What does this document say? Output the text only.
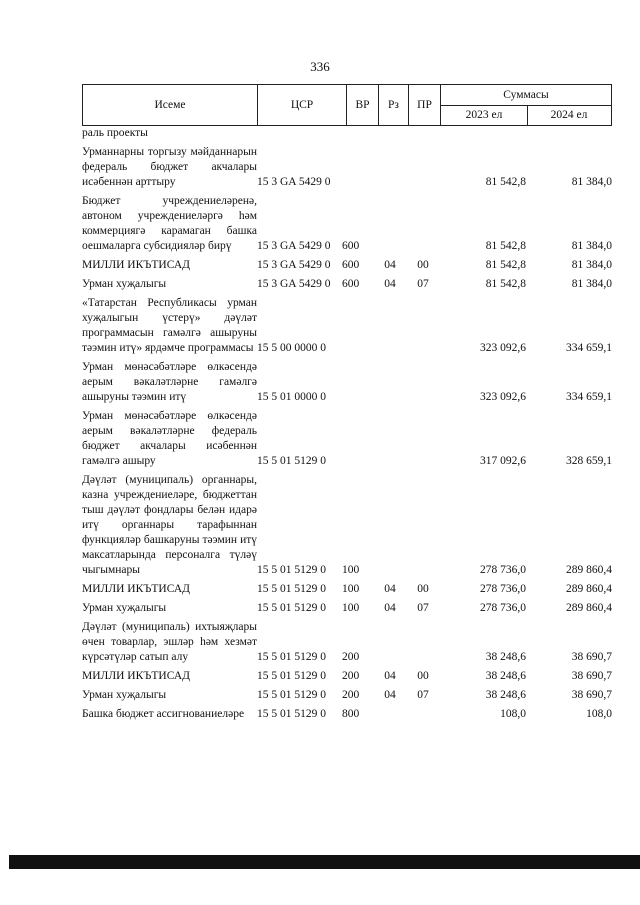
336
Исеме	ЦСР	ВР	Рз	ПР
Суммасы
2023 ел	2024 ел
раль проекты						

Урманнарны торгызу мәйданнарын федераль бюджет акчалары исәбеннән арттыру	15 3 GA 5429 0				81 542,8	81 384,0

Бюджет учреждениеләренә, автоном учреждениеләргә һәм коммерциягә карамаган башка оешмаларга субсидияләр бирү	15 3 GA 5429 0	600			81 542,8	81 384,0

МИЛЛИ ИКЪТИСАД	15 3 GA 5429 0	600	04	00	81 542,8	81 384,0

Урман хуҗалыгы	15 3 GA 5429 0	600	04	07	81 542,8	81 384,0

«Татарстан Республикасы урман хуҗалыгын үстерү» дәүләт программасын гамәлгә ашыруны тәэмин итү» ярдәмче программасы	15 5 00 0000 0				323 092,6	334 659,1

Урман мөнәсәбәтләре өлкәсендә аерым вәкаләтләрне гамәлгә ашыруны тәэмин итү	15 5 01 0000 0				323 092,6	334 659,1

Урман мөнәсәбәтләре өлкәсендә аерым вәкаләтләрне федераль бюджет акчалары исәбеннән гамәлгә ашыру	15 5 01 5129 0				317 092,6	328 659,1

Дәүләт (муниципаль) органнары, казна учреждениеләре, бюджеттан тыш дәүләт фондлары белән идарә итү органнары тарафыннан функцияләр башкаруны тәэмин итү максатларында персоналга түләү чыгымнары	15 5 01 5129 0	100			278 736,0	289 860,4

МИЛЛИ ИКЪТИСАД	15 5 01 5129 0	100	04	00	278 736,0	289 860,4

Урман хуҗалыгы	15 5 01 5129 0	100	04	07	278 736,0	289 860,4

Дәүләт (муниципаль) ихтыяҗлары өчен товарлар, эшләр һәм хезмәт күрсәтүләр сатып алу	15 5 01 5129 0	200			38 248,6	38 690,7

МИЛЛИ ИКЪТИСАД	15 5 01 5129 0	200	04	00	38 248,6	38 690,7

Урман хуҗалыгы	15 5 01 5129 0	200	04	07	38 248,6	38 690,7

Башка бюджет ассигнованиеләре	15 5 01 5129 0	800			108,0	108,0
